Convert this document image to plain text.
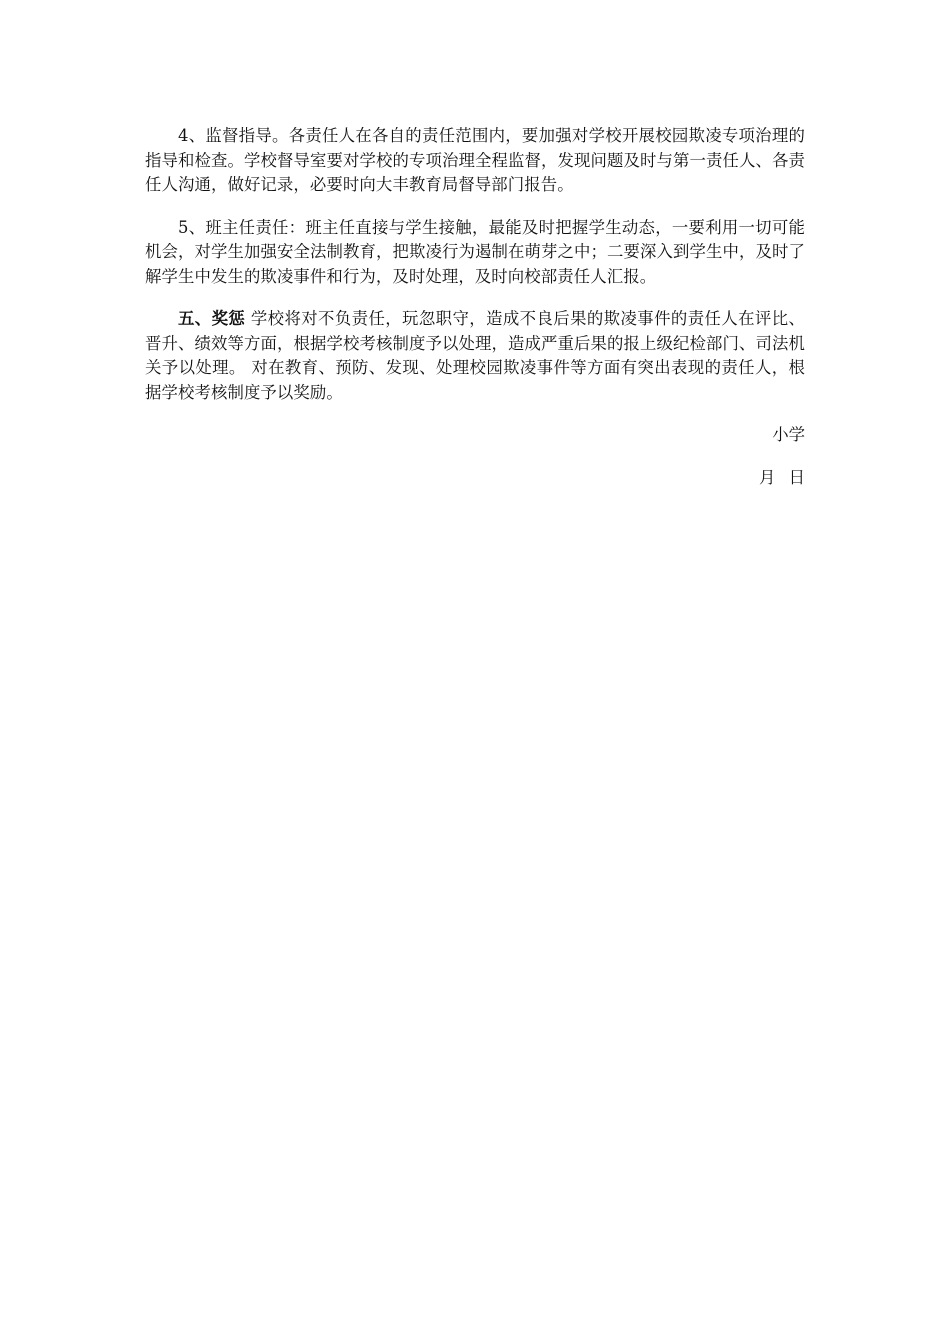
4、监督指导。各责任人在各自的责任范围内，要加强对学校开展校园欺凌专项治理的指导和检查。学校督导室要对学校的专项治理全程监督，发现问题及时与第一责任人、各责任人沟通，做好记录，必要时向大丰教育局督导部门报告。

5、班主任责任：班主任直接与学生接触，最能及时把握学生动态，一要利用一切可能机会，对学生加强安全法制教育，把欺凌行为遏制在萌芽之中；二要深入到学生中，及时了解学生中发生的欺凌事件和行为，及时处理，及时向校部责任人汇报。

五、奖惩 学校将对不负责任，玩忽职守，造成不良后果的欺凌事件的责任人在评比、晋升、绩效等方面，根据学校考核制度予以处理，造成严重后果的报上级纪检部门、司法机关予以处理。 对在教育、预防、发现、处理校园欺凌事件等方面有突出表现的责任人，根据学校考核制度予以奖励。

小学

月 日
